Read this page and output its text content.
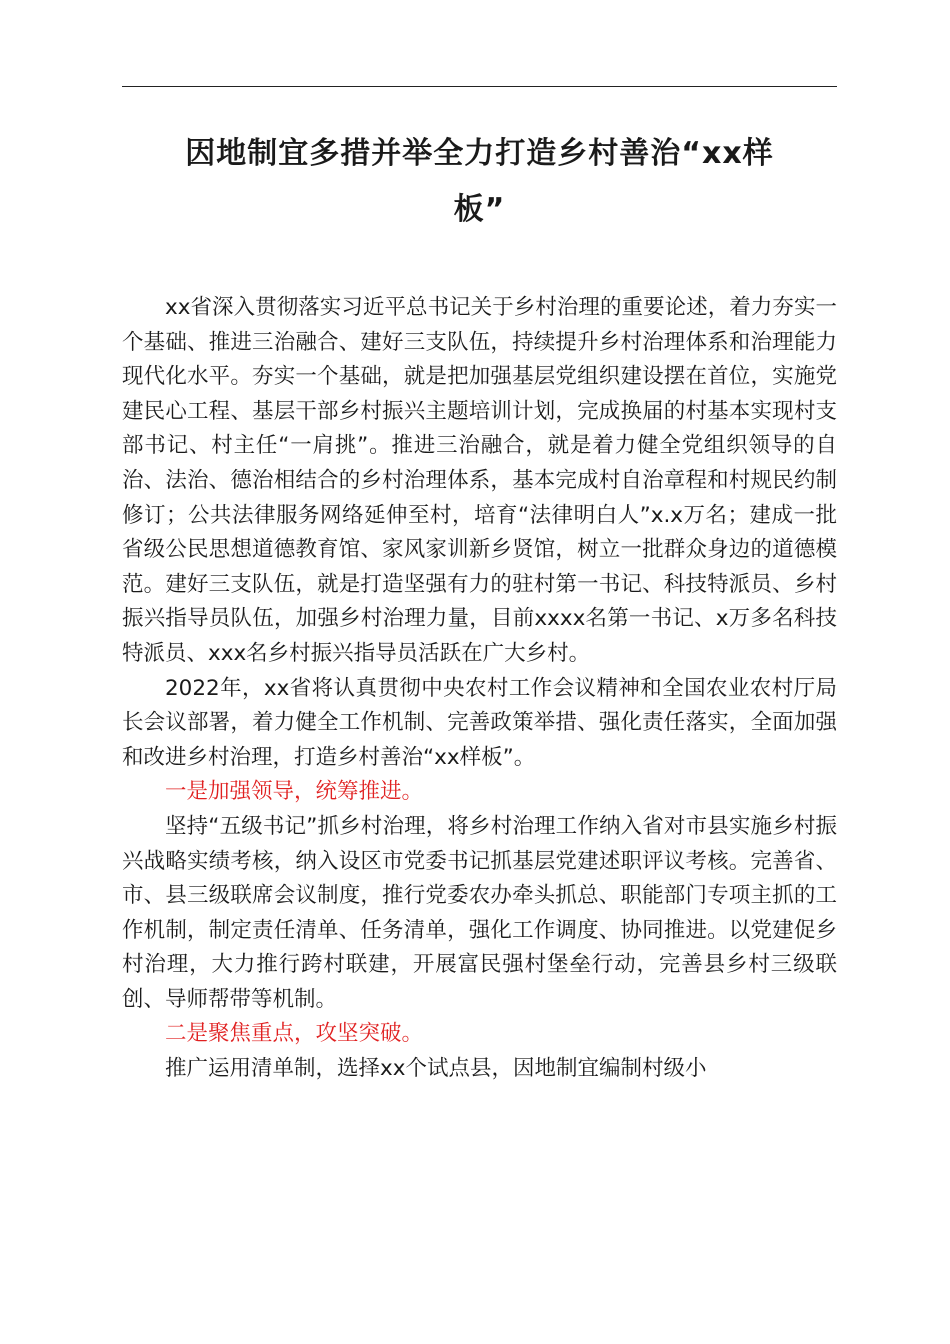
因地制宜多措并举全力打造乡村善治“xx样
板”

xx省深入贯彻落实习近平总书记关于乡村治理的重要论述，着力夯实一个基础、推进三治融合、建好三支队伍，持续提升乡村治理体系和治理能力现代化水平。夯实一个基础，就是把加强基层党组织建设摆在首位，实施党建民心工程、基层干部乡村振兴主题培训计划，完成换届的村基本实现村支部书记、村主任“一肩挑”。推进三治融合，就是着力健全党组织领导的自治、法治、德治相结合的乡村治理体系，基本完成村自治章程和村规民约制修订；公共法律服务网络延伸至村，培育“法律明白人”x.x万名；建成一批省级公民思想道德教育馆、家风家训新乡贤馆，树立一批群众身边的道德模范。建好三支队伍，就是打造坚强有力的驻村第一书记、科技特派员、乡村振兴指导员队伍，加强乡村治理力量，目前xxxx名第一书记、x万多名科技特派员、xxx名乡村振兴指导员活跃在广大乡村。

2022年，xx省将认真贯彻中央农村工作会议精神和全国农业农村厅局长会议部署，着力健全工作机制、完善政策举措、强化责任落实，全面加强和改进乡村治理，打造乡村善治“xx样板”。

一是加强领导，统筹推进。

坚持“五级书记”抓乡村治理，将乡村治理工作纳入省对市县实施乡村振兴战略实绩考核，纳入设区市党委书记抓基层党建述职评议考核。完善省、市、县三级联席会议制度，推行党委农办牵头抓总、职能部门专项主抓的工作机制，制定责任清单、任务清单，强化工作调度、协同推进。以党建促乡村治理，大力推行跨村联建，开展富民强村堡垒行动，完善县乡村三级联创、导师帮带等机制。

二是聚焦重点，攻坚突破。

推广运用清单制，选择xx个试点县，因地制宜编制村级小
